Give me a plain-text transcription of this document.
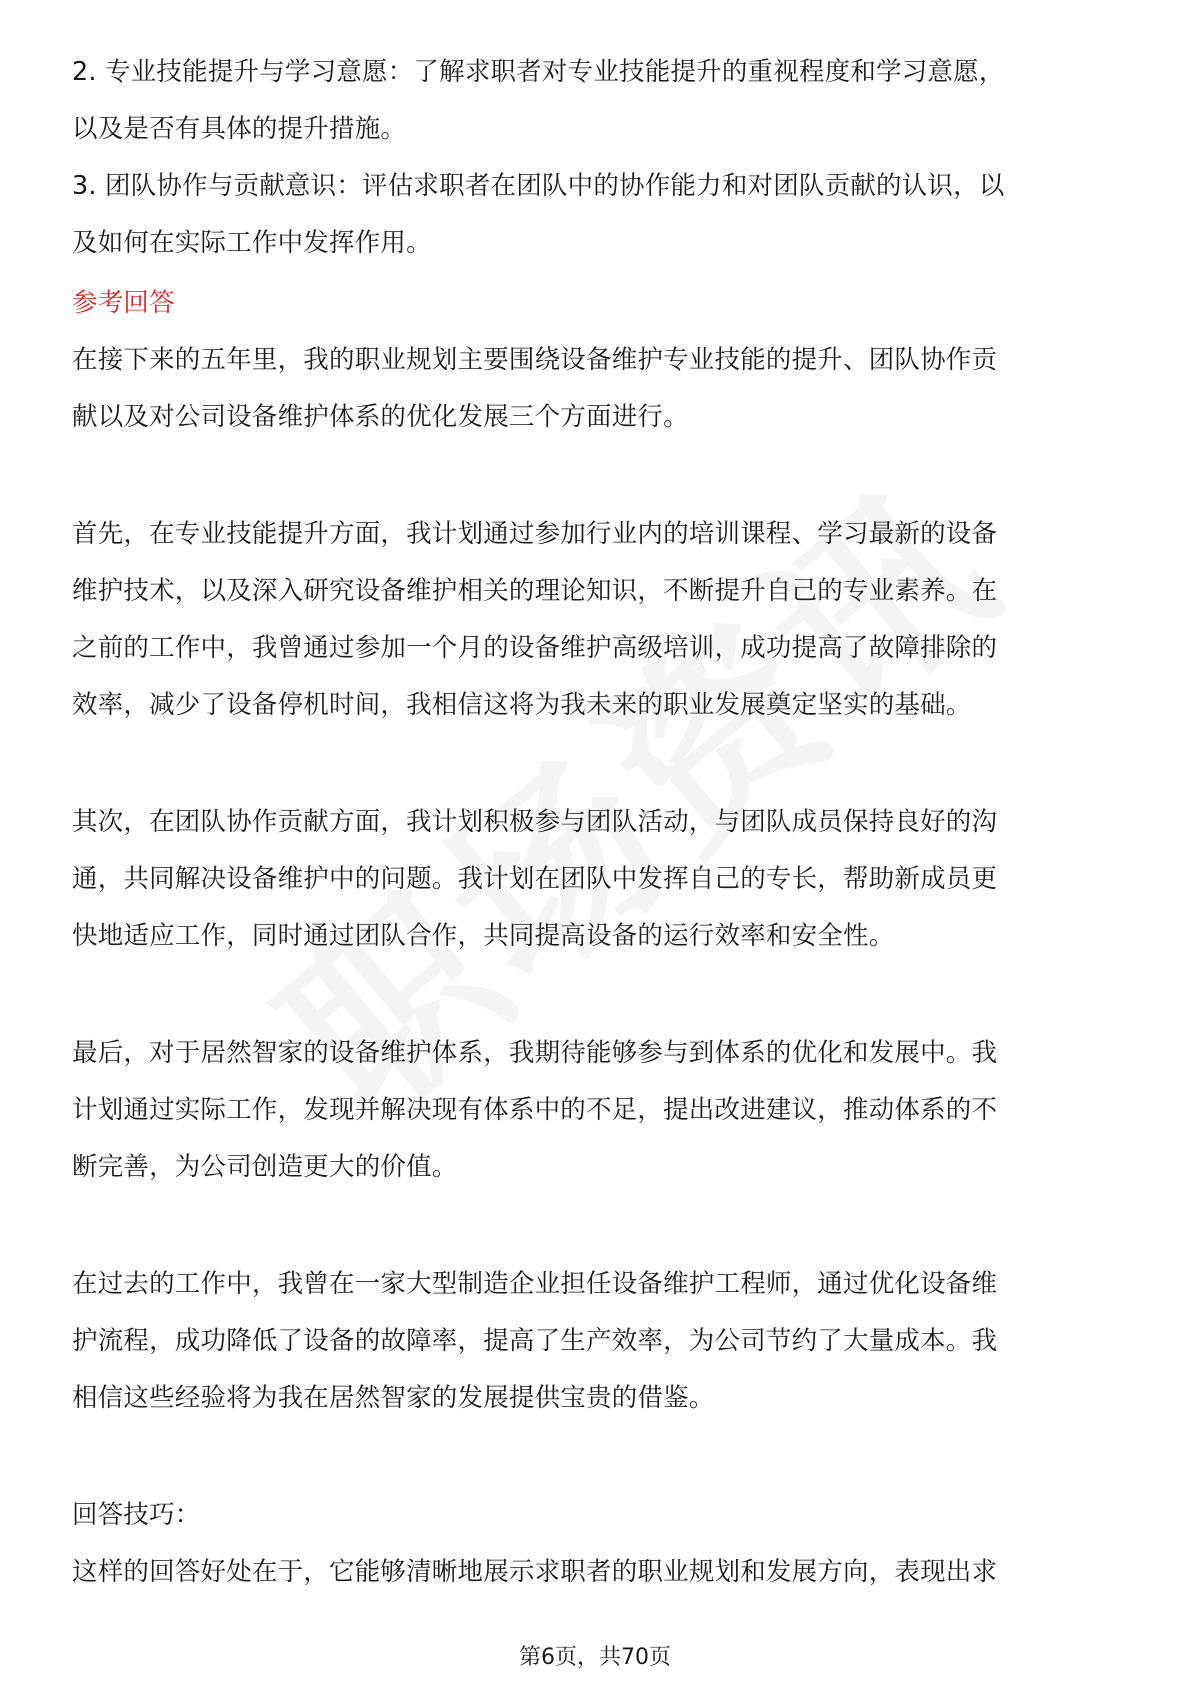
2. 专业技能提升与学习意愿：了解求职者对专业技能提升的重视程度和学习意愿，
以及是否有具体的提升措施。
3. 团队协作与贡献意识：评估求职者在团队中的协作能力和对团队贡献的认识，以
及如何在实际工作中发挥作用。
参考回答
在接下来的五年里，我的职业规划主要围绕设备维护专业技能的提升、团队协作贡
献以及对公司设备维护体系的优化发展三个方面进行。
首先，在专业技能提升方面，我计划通过参加行业内的培训课程、学习最新的设备
维护技术，以及深入研究设备维护相关的理论知识，不断提升自己的专业素养。在
之前的工作中，我曾通过参加一个月的设备维护高级培训，成功提高了故障排除的
效率，减少了设备停机时间，我相信这将为我未来的职业发展奠定坚实的基础。
其次，在团队协作贡献方面，我计划积极参与团队活动，与团队成员保持良好的沟
通，共同解决设备维护中的问题。我计划在团队中发挥自己的专长，帮助新成员更
快地适应工作，同时通过团队合作，共同提高设备的运行效率和安全性。
最后，对于居然智家的设备维护体系，我期待能够参与到体系的优化和发展中。我
计划通过实际工作，发现并解决现有体系中的不足，提出改进建议，推动体系的不
断完善，为公司创造更大的价值。
在过去的工作中，我曾在一家大型制造企业担任设备维护工程师，通过优化设备维
护流程，成功降低了设备的故障率，提高了生产效率，为公司节约了大量成本。我
相信这些经验将为我在居然智家的发展提供宝贵的借鉴。
回答技巧：
这样的回答好处在于，它能够清晰地展示求职者的职业规划和发展方向，表现出求
第6页，共70页
